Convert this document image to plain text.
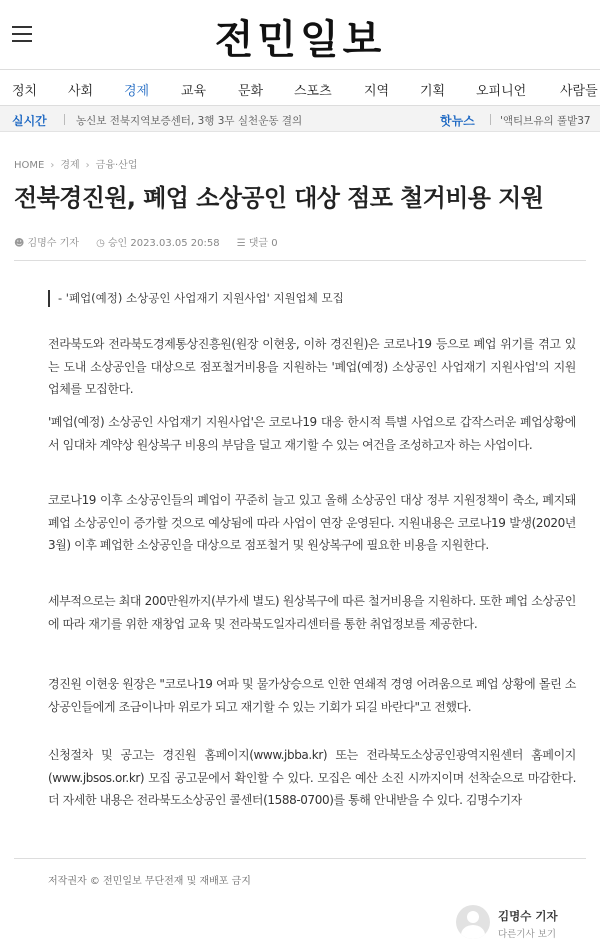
전민일보
정치 사회 경제 교육 문화 스포츠 지역 기획 오피니언	사람들
실시간	농신보 전북지역보증센터, 3행 3무 실천운동 결의	핫뉴스 '액티브유의 풀밭37
HOME › 경제 › 금융·산업
전북경진원, 폐업 소상공인 대상 점포 철거비용 지원
☻ 김명수 기자 ◷ 승인 2023.03.05 20:58 ☰ 댓글 0
- '폐업(예정) 소상공인 사업재기 지원사업' 지원업체 모집

전라북도와 전라북도경제통상진흥원(원장 이현웅, 이하 경진원)은 코로나19 등으로 폐업 위기를 겪고 있는 도내 소상공인을 대상으로 점포철거비용을 지원하는 '폐업(예정) 소상공인 사업재기 지원사업'의 지원업체를 모집한다.

'폐업(예정) 소상공인 사업재기 지원사업'은 코로나19 대응 한시적 특별 사업으로 갑작스러운 폐업상황에서 임대차 계약상 원상복구 비용의 부담을 덜고 재기할 수 있는 여건을 조성하고자 하는 사업이다.

코로나19 이후 소상공인들의 폐업이 꾸준히 늘고 있고 올해 소상공인 대상 정부 지원정책이 축소, 폐지돼 폐업 소상공인이 증가할 것으로 예상됨에 따라 사업이 연장 운영된다. 지원내용은 코로나19 발생(2020년 3월) 이후 폐업한 소상공인을 대상으로 점포철거 및 원상복구에 필요한 비용을 지원한다.

세부적으로는 최대 200만원까지(부가세 별도) 원상복구에 따른 철거비용을 지원하다. 또한 폐업 소상공인에 따라 재기를 위한 재창업 교육 및 전라북도일자리센터를 통한 취업정보를 제공한다.

경진원 이현웅 원장은 "코로나19 여파 및 물가상승으로 인한 연쇄적 경영 어려움으로 폐업 상황에 몰린 소상공인들에게 조금이나마 위로가 되고 재기할 수 있는 기회가 되길 바란다"고 전했다.

신청절차 및 공고는 경진원 홈페이지(www.jbba.kr) 또는 전라북도소상공인광역지원센터 홈페이지(www.jbsos.or.kr) 모집 공고문에서 확인할 수 있다. 모집은 예산 소진 시까지이며 선착순으로 마감한다. 더 자세한 내용은 전라북도소상공인 콜센터(1588-0700)를 통해 안내받을 수 있다. 김명수기자

저작권자 © 전민일보 무단전재 및 재배포 금지
김명수 기자
다른기사 보기
